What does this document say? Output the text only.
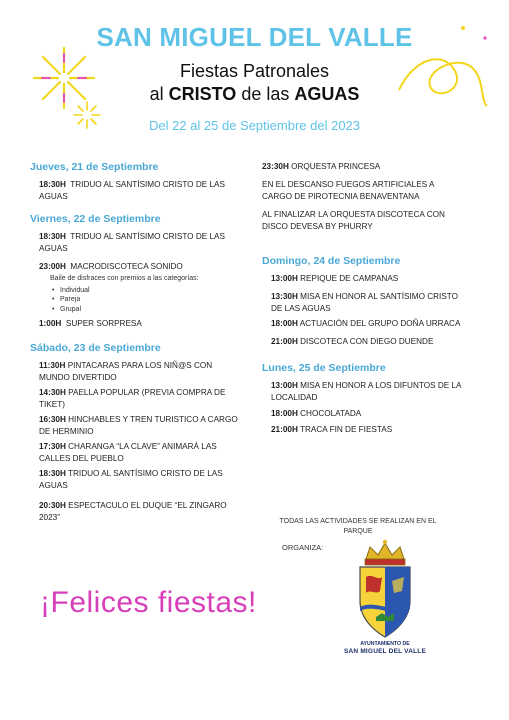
SAN MIGUEL DEL VALLE
Fiestas Patronales
al CRISTO de las AGUAS
Del 22 al 25 de Septiembre del 2023
Jueves, 21 de Septiembre
18:30H TRIDUO AL SANTÍSIMO CRISTO DE LAS AGUAS
Viernes, 22 de Septiembre
18:30H TRIDUO AL SANTÍSIMO CRISTO DE LAS AGUAS
23:00H MACRODISCOTECA SONIDO
Baile de disfraces con premios a las categorías:
• Individual
• Pareja
• Grupal
1:00H SUPER SORPRESA
Sábado, 23 de Septiembre
11:30H PINTACARAS PARA LOS NIÑ@S CON MUNDO DIVERTIDO
14:30H PAELLA POPULAR (PREVIA COMPRA DE TIKET)
16:30H HINCHABLES Y TREN TURISTICO A CARGO DE HERMINIO
17:30H CHARANGA “LA CLAVE” ANIMARÁ LAS CALLES DEL PUEBLO
18:30H TRIDUO AL SANTÍSIMO CRISTO DE LAS AGUAS
20:30H ESPECTACULO EL DUQUE “EL ZINGARO 2023”
23:30H ORQUESTA PRINCESA
EN EL DESCANSO FUEGOS ARTIFICIALES A CARGO DE PIROTECNIA BENAVENTANA
AL FINALIZAR LA ORQUESTA DISCOTECA CON DISCO DEVESA BY PHURRY
Domingo, 24 de Septiembre
13:00H REPIQUE DE CAMPANAS
13:30H MISA EN HONOR AL SANTÍSIMO CRISTO DE LAS AGUAS
18:00H ACTUACIÓN DEL GRUPO DOÑA URRACA
21:00H DISCOTECA CON DIEGO DUENDE
Lunes, 25 de Septiembre
13:00H MISA EN HONOR A LOS DIFUNTOS DE LA LOCALIDAD
18:00H CHOCOLATADA
21:00H TRACA FIN DE FIESTAS
TODAS LAS ACTIVIDADES SE REALIZAN EN EL PARQUE
ORGANIZA:
¡Felices fiestas!
AYUNTAMIENTO DE
SAN MIGUEL DEL VALLE
